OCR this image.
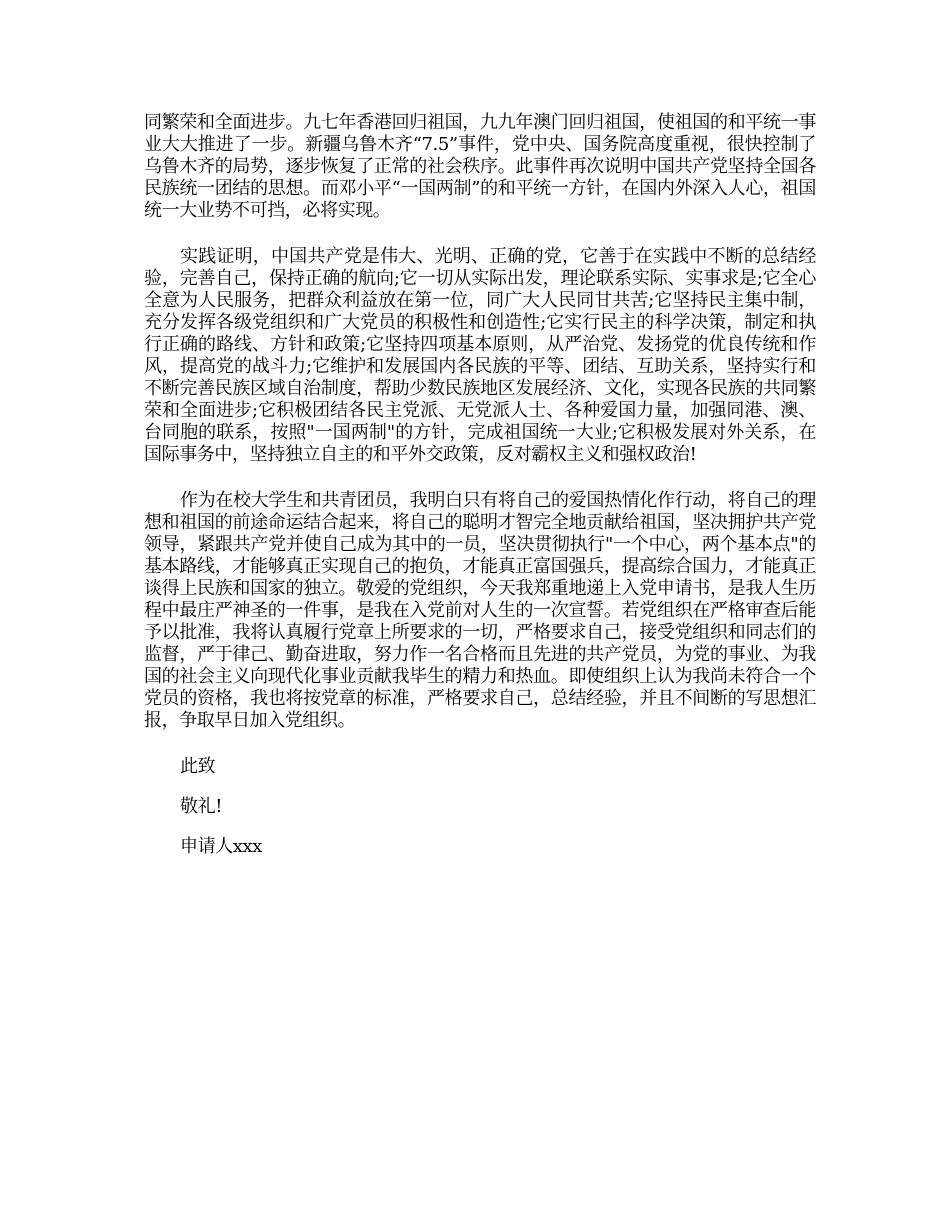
同繁荣和全面进步。九七年香港回归祖国，九九年澳门回归祖国，使祖国的和平统一事业大大推进了一步。新疆乌鲁木齐“7.5”事件，党中央、国务院高度重视，很快控制了乌鲁木齐的局势，逐步恢复了正常的社会秩序。此事件再次说明中国共产党坚持全国各民族统一团结的思想。而邓小平“一国两制”的和平统一方针，在国内外深入人心，祖国统一大业势不可挡，必将实现。

实践证明，中国共产党是伟大、光明、正确的党，它善于在实践中不断的总结经验，完善自己，保持正确的航向;它一切从实际出发，理论联系实际、实事求是;它全心全意为人民服务，把群众利益放在第一位，同广大人民同甘共苦;它坚持民主集中制，充分发挥各级党组织和广大党员的积极性和创造性;它实行民主的科学决策，制定和执行正确的路线、方针和政策;它坚持四项基本原则，从严治党、发扬党的优良传统和作风，提高党的战斗力;它维护和发展国内各民族的平等、团结、互助关系，坚持实行和不断完善民族区域自治制度，帮助少数民族地区发展经济、文化，实现各民族的共同繁荣和全面进步;它积极团结各民主党派、无党派人士、各种爱国力量，加强同港、澳、台同胞的联系，按照"一国两制"的方针，完成祖国统一大业;它积极发展对外关系，在国际事务中，坚持独立自主的和平外交政策，反对霸权主义和强权政治!

作为在校大学生和共青团员，我明白只有将自己的爱国热情化作行动，将自己的理想和祖国的前途命运结合起来，将自己的聪明才智完全地贡献给祖国，坚决拥护共产党领导，紧跟共产党并使自己成为其中的一员，坚决贯彻执行"一个中心，两个基本点"的基本路线，才能够真正实现自己的抱负，才能真正富国强兵，提高综合国力，才能真正谈得上民族和国家的独立。敬爱的党组织，今天我郑重地递上入党申请书，是我人生历程中最庄严神圣的一件事，是我在入党前对人生的一次宣誓。若党组织在严格审查后能予以批准，我将认真履行党章上所要求的一切，严格要求自己，接受党组织和同志们的监督，严于律己、勤奋进取，努力作一名合格而且先进的共产党员，为党的事业、为我国的社会主义向现代化事业贡献我毕生的精力和热血。即使组织上认为我尚未符合一个党员的资格，我也将按党章的标准，严格要求自己，总结经验，并且不间断的写思想汇报，争取早日加入党组织。

此致

敬礼!

申请人xxx
